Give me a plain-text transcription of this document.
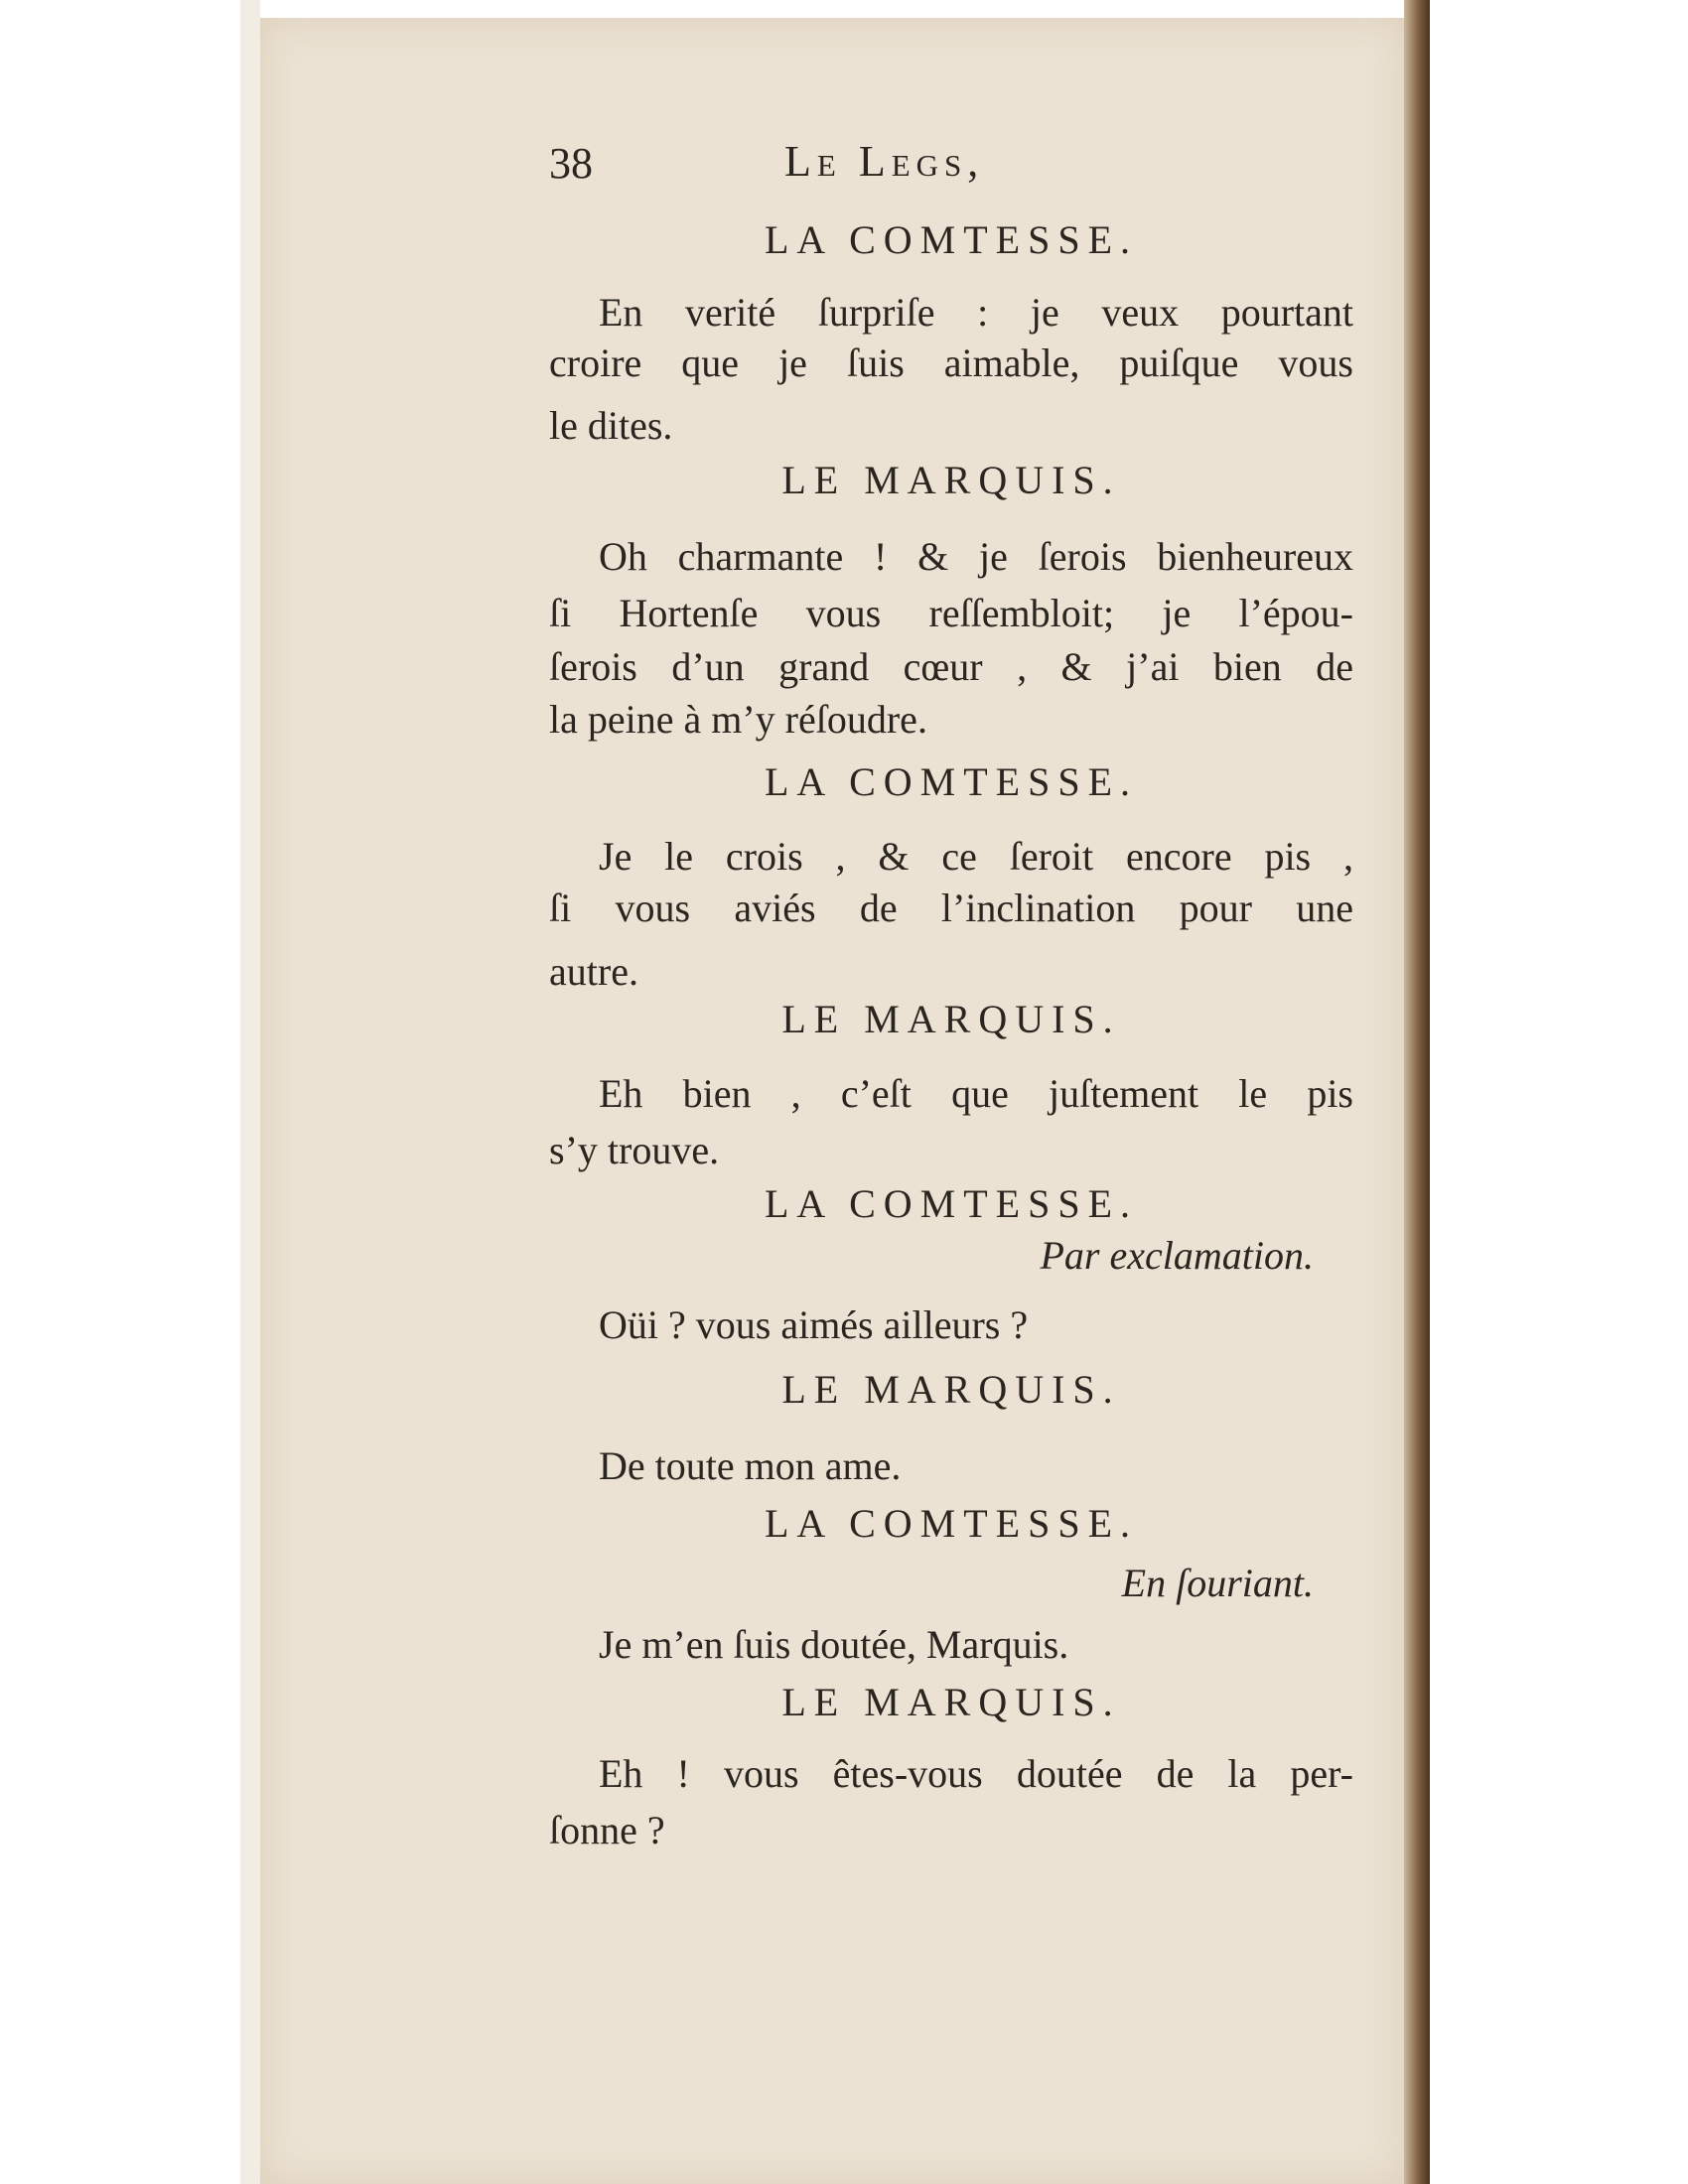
38	Le Legs,
LA COMTESSE.
En verité ſurpriſe : je veux pourtant
croire que je ſuis aimable, puiſque vous
le dites.
LE MARQUIS.
Oh charmante ! & je ſerois bienheureux
ſi Hortenſe vous reſſembloit; je l’épou-
ſerois d’un grand cœur , & j’ai bien de
la peine à m’y réſoudre.
LA COMTESSE.
Je le crois , & ce ſeroit encore pis ,
ſi vous aviés de l’inclination pour une
autre.
LE MARQUIS.
Eh bien , c’eſt que juſtement le pis
s’y trouve.
LA COMTESSE.
Par exclamation.
Oüi ? vous aimés ailleurs ?
LE MARQUIS.
De toute mon ame.
LA COMTESSE.
En ſouriant.
Je m’en ſuis doutée, Marquis.
LE MARQUIS.
Eh ! vous êtes-vous doutée de la per-
ſonne ?
